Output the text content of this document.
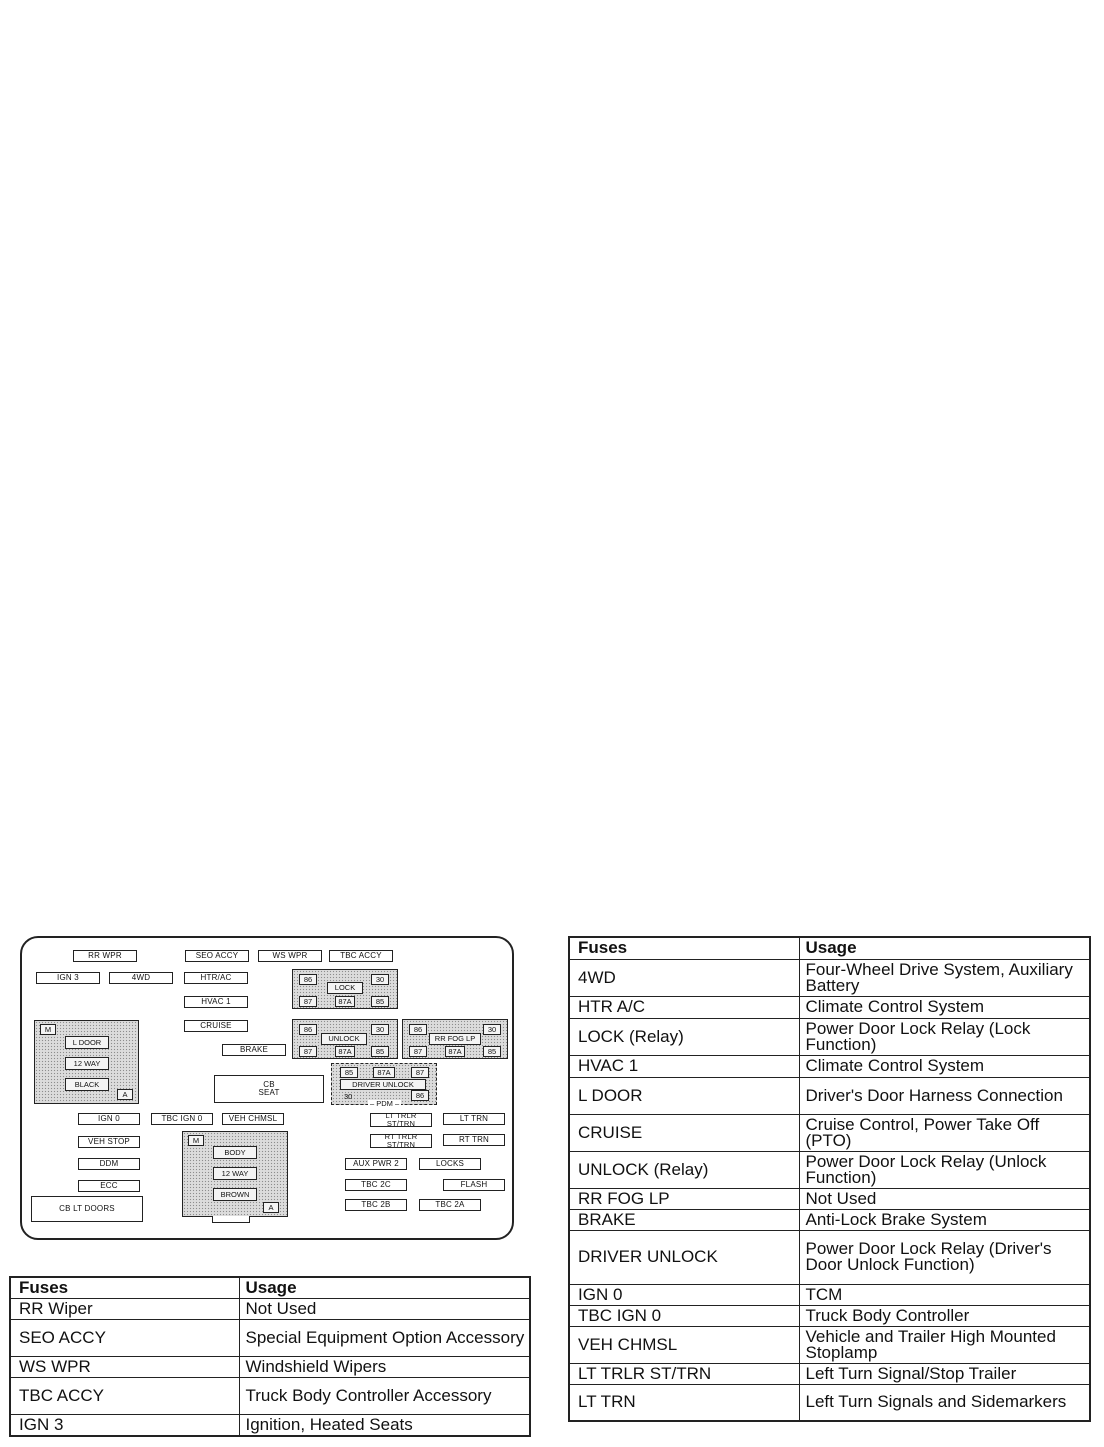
RR WPR	SEO ACCY	WS WPR	TBC ACCY
IGN 3	4WD	HTR/AC
HVAC 1
CRUISE
BRAKE
86
LOCK
30
87	87A	85
86
UNLOCK
30
87	87A	85
86
RR FOG LP
30
87	87A	85
M
L DOOR
12 WAY
BLACK
A
CB SEAT
85	87A	87
DRIVER UNLOCK
30	86
– PDM –
IGN 0	TBC IGN 0	VEH CHMSL
VEH STOP
DDM
ECC
CB LT DOORS
M
BODY
12 WAY
BROWN
A
LT TRLR ST/TRN
LT TRN
RT TRLR ST/TRN
RT TRN
AUX PWR 2	LOCKS
TBC 2C	FLASH
TBC 2B	TBC 2A
Fuses	Usage
4WD	Four-Wheel Drive System, Auxiliary Battery
HTR A/C	Climate Control System
LOCK (Relay)	Power Door Lock Relay (Lock Function)
HVAC 1	Climate Control System
L DOOR	Driver's Door Harness Connection
CRUISE	Cruise Control, Power Take Off (PTO)
UNLOCK (Relay)	Power Door Lock Relay (Unlock Function)
RR FOG LP	Not Used
BRAKE	Anti-Lock Brake System
DRIVER UNLOCK	Power Door Lock Relay (Driver's Door Unlock Function)
IGN 0	TCM
TBC IGN 0	Truck Body Controller
VEH CHMSL	Vehicle and Trailer High Mounted Stoplamp
LT TRLR ST/TRN	Left Turn Signal/Stop Trailer
LT TRN	Left Turn Signals and Sidemarkers
Fuses	Usage
RR Wiper	Not Used
SEO ACCY	Special Equipment Option Accessory
WS WPR	Windshield Wipers
TBC ACCY	Truck Body Controller Accessory
IGN 3	Ignition, Heated Seats
